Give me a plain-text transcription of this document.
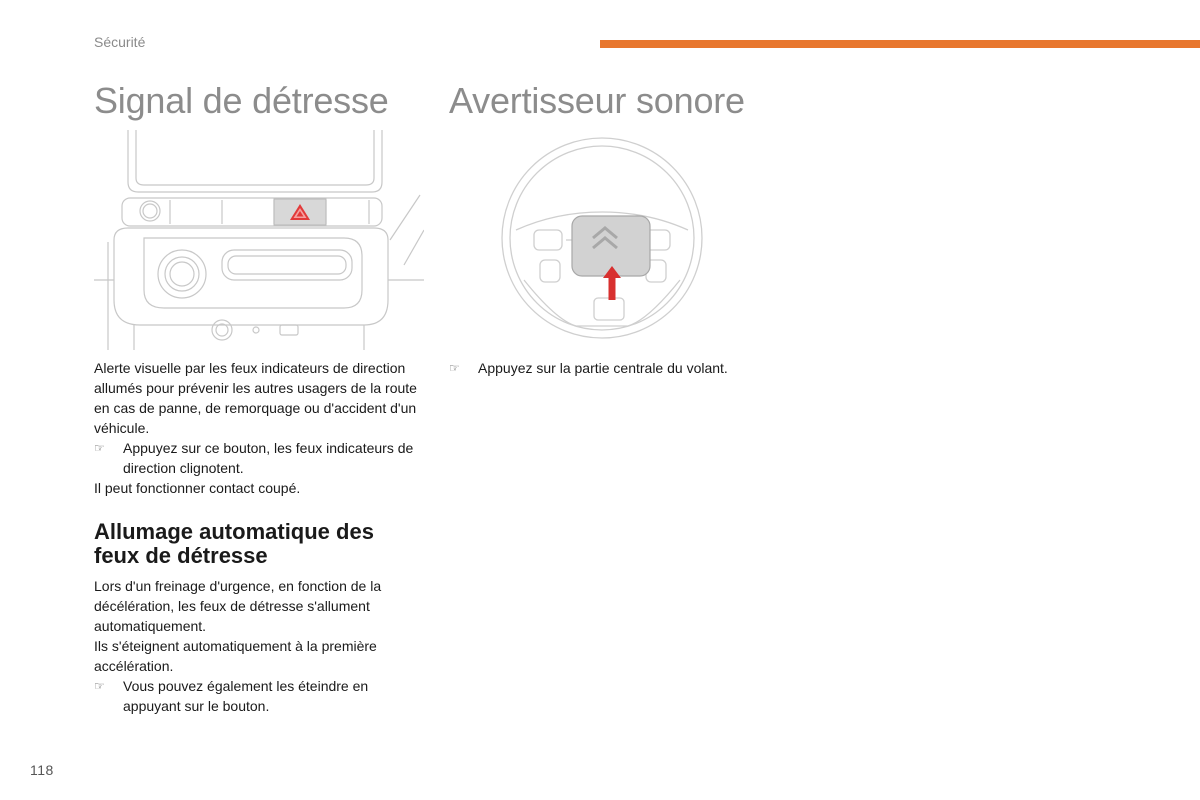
Sécurité
Signal de détresse Avertisseur sonore

Alerte visuelle par les feux indicateurs de direction allumés pour prévenir les autres usagers de la route en cas de panne, de remorquage ou d'accident d'un véhicule.

☞ Appuyez sur ce bouton, les feux indicateurs de direction clignotent.

Il peut fonctionner contact coupé.

Allumage automatique des feux de détresse

Lors d'un freinage d'urgence, en fonction de la décélération, les feux de détresse s'allument automatiquement.

Ils s'éteignent automatiquement à la première accélération.

☞ Vous pouvez également les éteindre en appuyant sur le bouton.
☞ Appuyez sur la partie centrale du volant.
118
